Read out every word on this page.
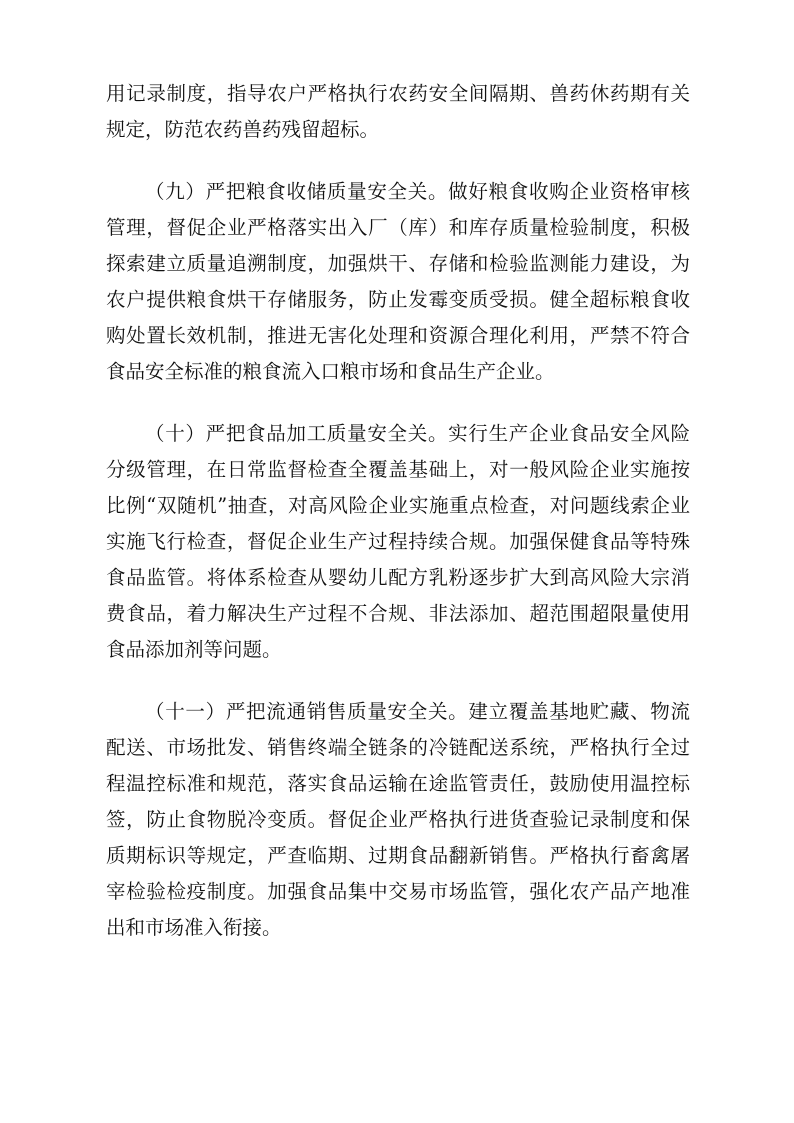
用记录制度，指导农户严格执行农药安全间隔期、兽药休药期有关规定，防范农药兽药残留超标。

（九）严把粮食收储质量安全关。做好粮食收购企业资格审核管理，督促企业严格落实出入厂（库）和库存质量检验制度，积极探索建立质量追溯制度，加强烘干、存储和检验监测能力建设，为农户提供粮食烘干存储服务，防止发霉变质受损。健全超标粮食收购处置长效机制，推进无害化处理和资源合理化利用，严禁不符合食品安全标准的粮食流入口粮市场和食品生产企业。

（十）严把食品加工质量安全关。实行生产企业食品安全风险分级管理，在日常监督检查全覆盖基础上，对一般风险企业实施按比例“双随机”抽查，对高风险企业实施重点检查，对问题线索企业实施飞行检查，督促企业生产过程持续合规。加强保健食品等特殊食品监管。将体系检查从婴幼儿配方乳粉逐步扩大到高风险大宗消费食品，着力解决生产过程不合规、非法添加、超范围超限量使用食品添加剂等问题。

（十一）严把流通销售质量安全关。建立覆盖基地贮藏、物流配送、市场批发、销售终端全链条的冷链配送系统，严格执行全过程温控标准和规范，落实食品运输在途监管责任，鼓励使用温控标签，防止食物脱冷变质。督促企业严格执行进货查验记录制度和保质期标识等规定，严查临期、过期食品翻新销售。严格执行畜禽屠宰检验检疫制度。加强食品集中交易市场监管，强化农产品产地准出和市场准入衔接。
